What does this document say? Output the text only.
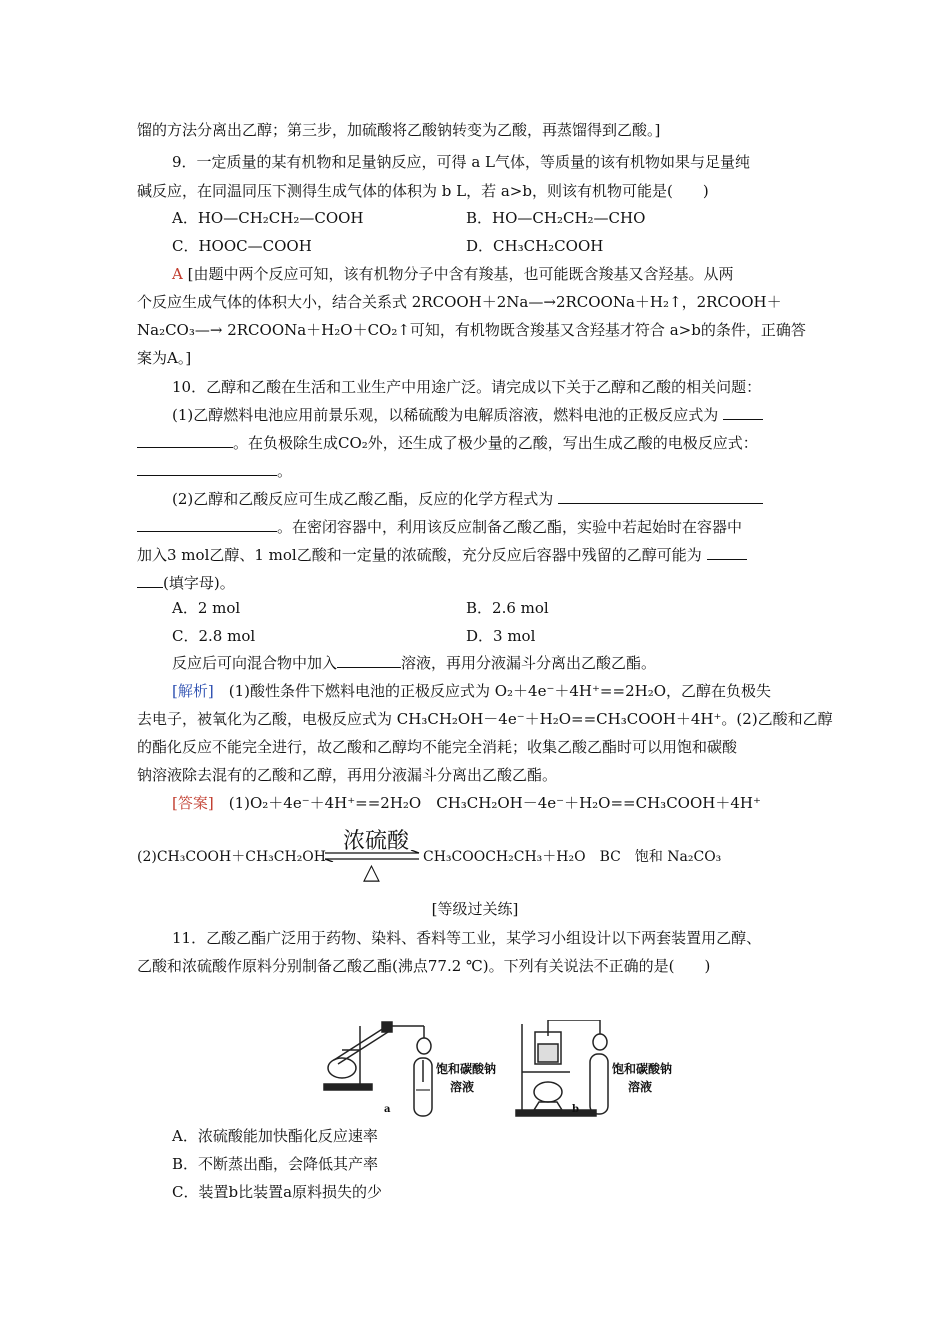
馏的方法分离出乙醇；第三步，加硫酸将乙酸钠转变为乙酸，再蒸馏得到乙酸。]
9．一定质量的某有机物和足量钠反应，可得 a L气体，等质量的该有机物如果与足量纯
碱反应，在同温同压下测得生成气体的体积为 b L，若 a>b，则该有机物可能是(　　)
A．HO—CH₂CH₂—COOH	B．HO—CH₂CH₂—CHO
C．HOOC—COOH	D．CH₃CH₂COOH
A [由题中两个反应可知，该有机物分子中含有羧基，也可能既含羧基又含羟基。从两
个反应生成气体的体积大小，结合关系式 2RCOOH＋2Na—→2RCOONa＋H₂↑，2RCOOH＋
Na₂CO₃—→ 2RCOONa＋H₂O＋CO₂↑可知，有机物既含羧基又含羟基才符合 a>b的条件，正确答
案为A。]
10．乙醇和乙酸在生活和工业生产中用途广泛。请完成以下关于乙醇和乙酸的相关问题：
(1)乙醇燃料电池应用前景乐观，以稀硫酸为电解质溶液，燃料电池的正极反应式为
。在负极除生成CO₂外，还生成了极少量的乙酸，写出生成乙酸的电极反应式：
。
(2)乙醇和乙酸反应可生成乙酸乙酯，反应的化学方程式为
。在密闭容器中，利用该反应制备乙酸乙酯，实验中若起始时在容器中
加入3 mol乙醇、1 mol乙酸和一定量的浓硫酸，充分反应后容器中残留的乙醇可能为
(填字母)。
A．2 mol	B．2.6 mol
C．2.8 mol	D．3 mol
反应后可向混合物中加入	溶液，再用分液漏斗分离出乙酸乙酯。
[解析]　(1)酸性条件下燃料电池的正极反应式为 O₂＋4e⁻＋4H⁺==2H₂O，乙醇在负极失
去电子，被氧化为乙酸，电极反应式为 CH₃CH₂OH－4e⁻＋H₂O==CH₃COOH＋4H⁺。(2)乙酸和乙醇
的酯化反应不能完全进行，故乙酸和乙醇均不能完全消耗；收集乙酸乙酯时可以用饱和碳酸
钠溶液除去混有的乙酸和乙醇，再用分液漏斗分离出乙酸乙酯。
[答案]　(1)O₂＋4e⁻＋4H⁺==2H₂O　CH₃CH₂OH－4e⁻＋H₂O==CH₃COOH＋4H⁺
(2)CH₃COOH＋CH₃CH₂OH
浓硫酸
△
CH₃COOCH₂CH₃＋H₂O　BC　饱和 Na₂CO₃
[等级过关练]
11．乙酸乙酯广泛用于药物、染料、香料等工业，某学习小组设计以下两套装置用乙醇、
乙酸和浓硫酸作原料分别制备乙酸乙酯(沸点77.2 ℃)。下列有关说法不正确的是(　　)
饱和碳酸钠
溶液
饱和碳酸钠
溶液
a	b
A．浓硫酸能加快酯化反应速率
B．不断蒸出酯，会降低其产率
C．装置b比装置a原料损失的少
